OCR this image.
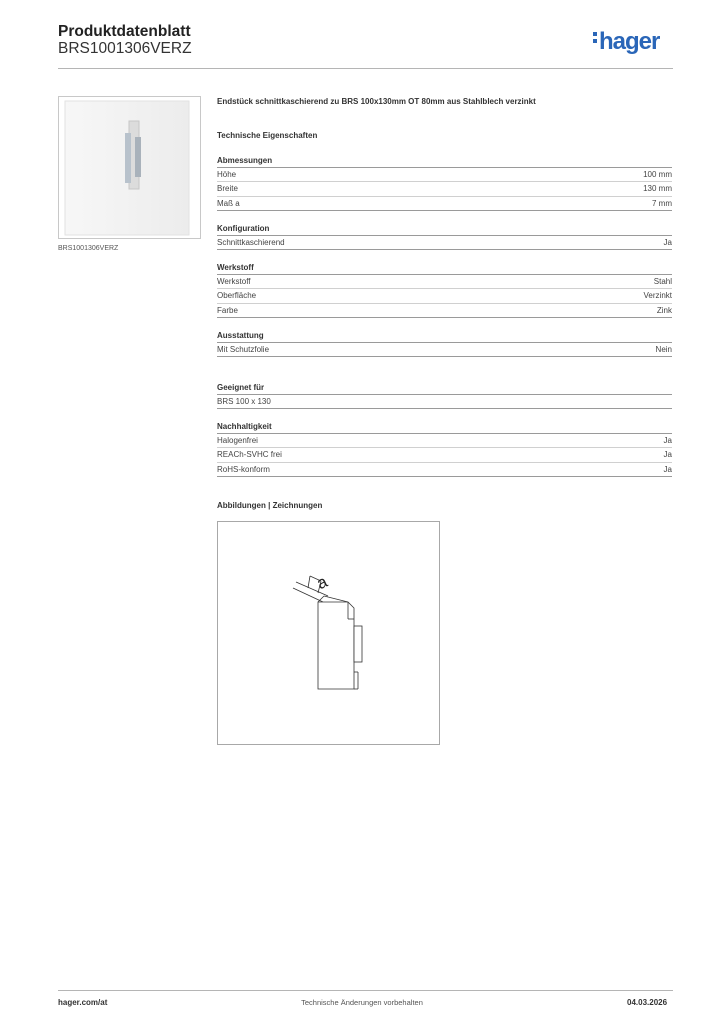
Produktdatenblatt
BRS1001306VERZ	hager
BRS1001306VERZ
Endstück schnittkaschierend zu BRS 100x130mm OT 80mm aus Stahlblech verzinkt
Technische Eigenschaften
Abmessungen
Höhe	100 mm
Breite	130 mm
Maß a	7 mm
Konfiguration
Schnittkaschierend	Ja
Werkstoff
Werkstoff	Stahl
Oberfläche	Verzinkt
Farbe	Zink
Ausstattung
Mit Schutzfolie	Nein
Geeignet für
BRS 100 x 130
Nachhaltigkeit
Halogenfrei	Ja
REACh-SVHC frei	Ja
RoHS-konform	Ja
Abbildungen | Zeichnungen
a
hager.com/at	Technische Änderungen vorbehalten	04.03.2026
